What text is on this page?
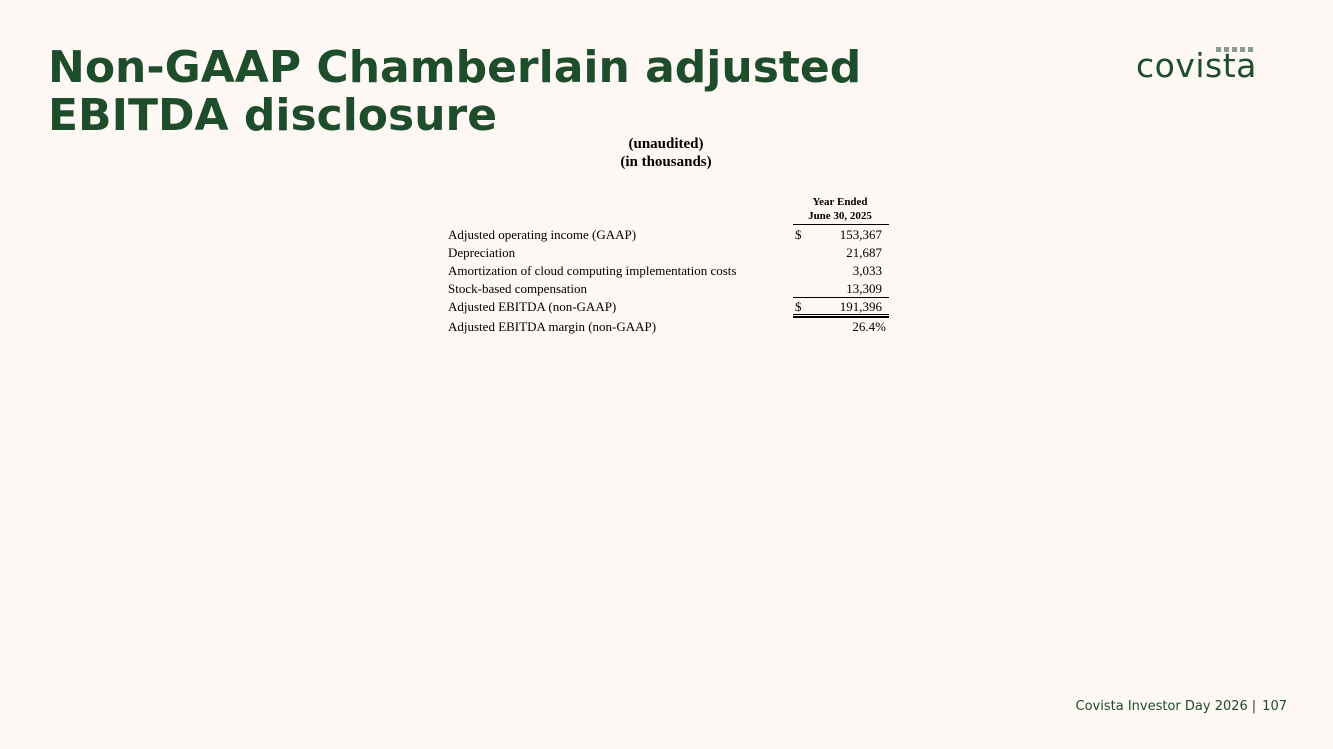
Non-GAAP Chamberlain adjusted
EBITDA disclosure
covista
(unaudited)
(in thousands)
Year Ended
June 30, 2025
Adjusted operating income (GAAP)	$	153,367
Depreciation	21,687
Amortization of cloud computing implementation costs	3,033
Stock-based compensation	13,309
Adjusted EBITDA (non-GAAP)	$	191,396
Adjusted EBITDA margin (non-GAAP)	26.4%
Covista Investor Day 2026 | 107
